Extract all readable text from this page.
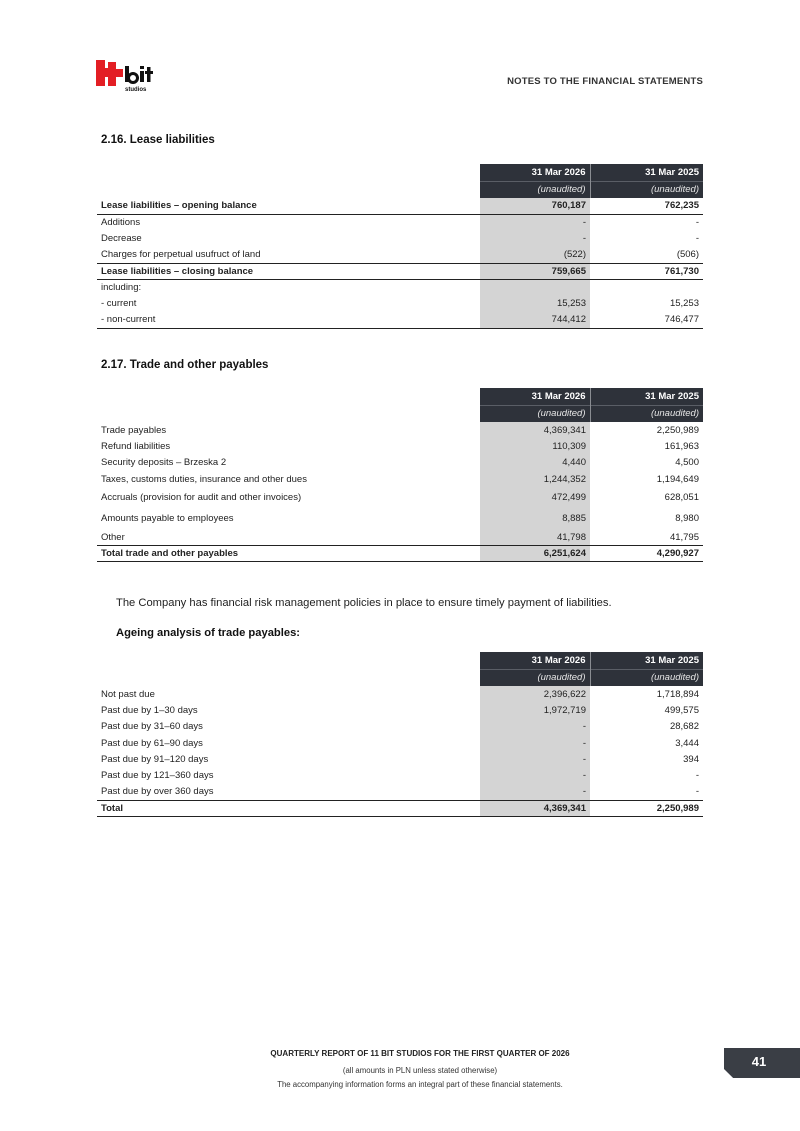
studios
NOTES TO THE FINANCIAL STATEMENTS
2.16. Lease liabilities
	31 Mar 2026	31 Mar 2025
	(unaudited)	(unaudited)
Lease liabilities – opening balance	760,187	762,235
Additions	-	-
Decrease	-	-
Charges for perpetual usufruct of land	(522)	(506)
Lease liabilities – closing balance	759,665	761,730
including:		
- current	15,253	15,253
- non-current	744,412	746,477
2.17. Trade and other payables
	31 Mar 2026	31 Mar 2025
	(unaudited)	(unaudited)
Trade payables	4,369,341	2,250,989
Refund liabilities	110,309	161,963
Security deposits – Brzeska 2	4,440	4,500
Taxes, customs duties, insurance and other dues	1,244,352	1,194,649
Accruals (provision for audit and other invoices)	472,499	628,051
Amounts payable to employees	8,885	8,980
Other	41,798	41,795
Total trade and other payables	6,251,624	4,290,927
The Company has financial risk management policies in place to ensure timely payment of liabilities.
Ageing analysis of trade payables:
	31 Mar 2026	31 Mar 2025
	(unaudited)	(unaudited)
Not past due	2,396,622	1,718,894
Past due by 1–30 days	1,972,719	499,575
Past due by 31–60 days	-	28,682
Past due by 61–90 days	-	3,444
Past due by 91–120 days	-	394
Past due by 121–360 days	-	-
Past due by over 360 days	-	-
Total	4,369,341	2,250,989
QUARTERLY REPORT OF 11 BIT STUDIOS FOR THE FIRST QUARTER OF 2026
(all amounts in PLN unless stated otherwise)
The accompanying information forms an integral part of these financial statements.
41
